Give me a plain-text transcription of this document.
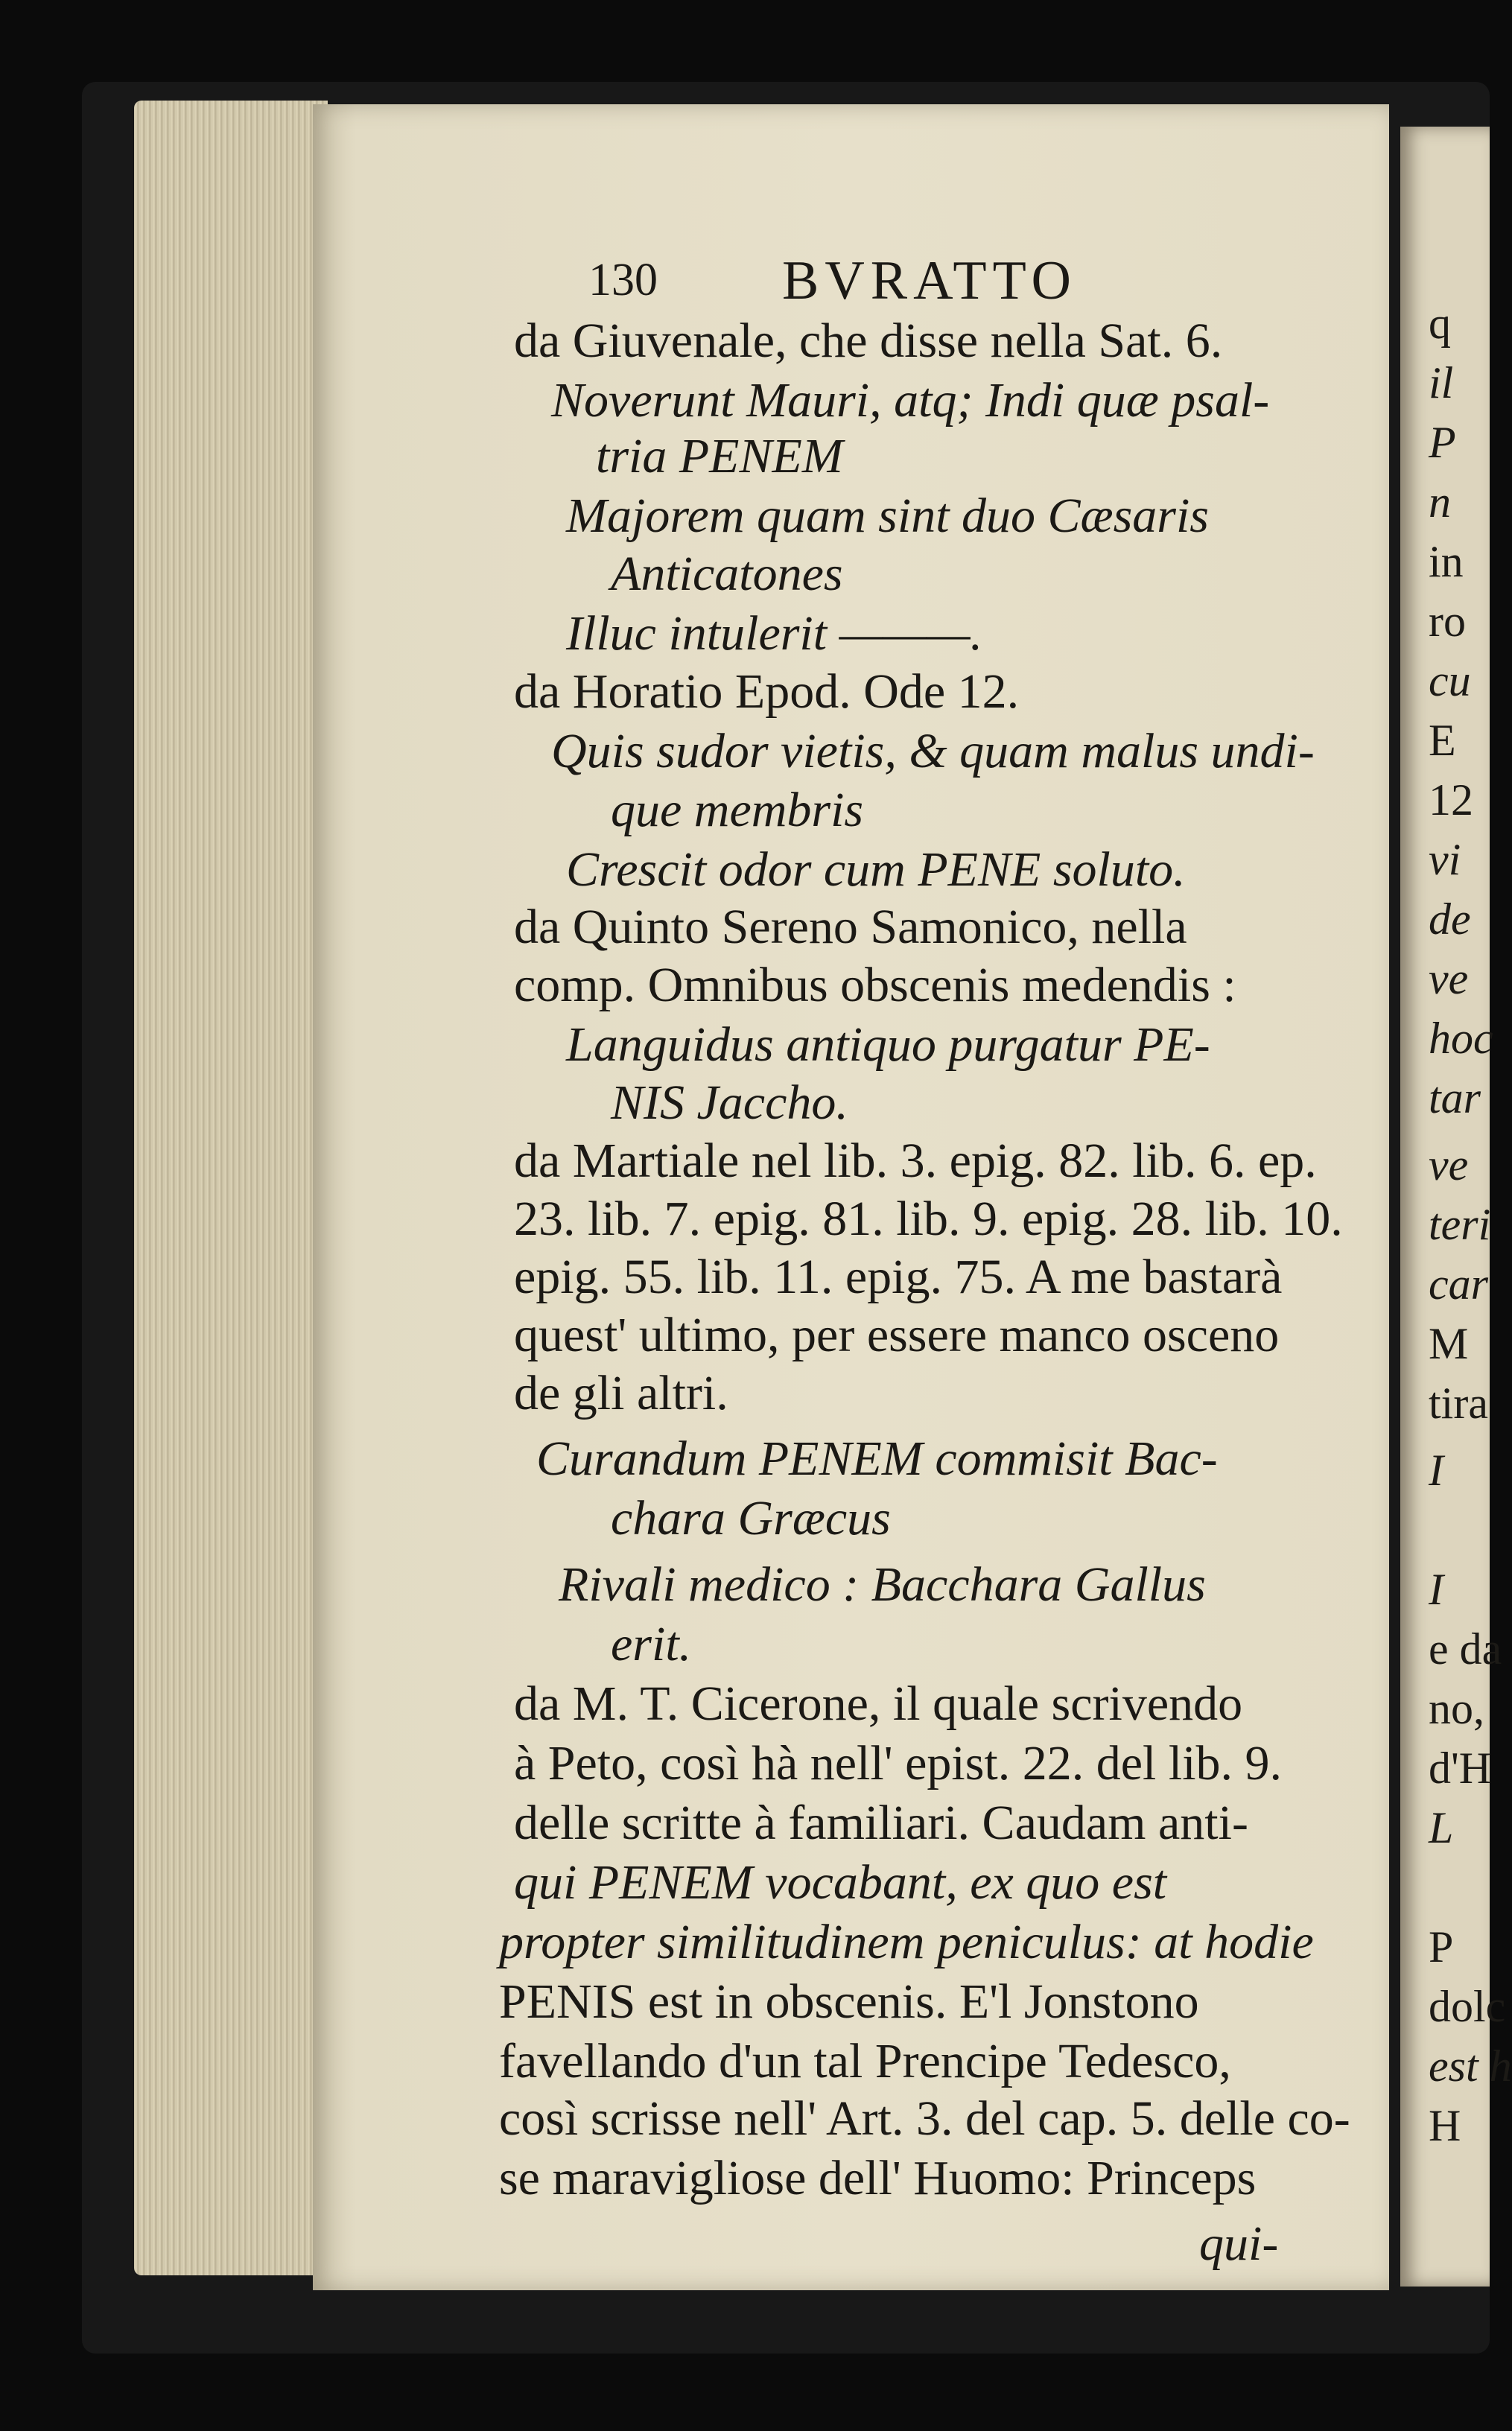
130 BVRATTO
da Giuvenale, che disse nella Sat. 6.
Noverunt Mauri, atq; Indi quæ psal-
tria PENEM
Majorem quam sint duo Cæsaris
Anticatones
Illuc intulerit ———.
da Horatio Epod. Ode 12.
Quis sudor vietis, & quam malus undi-
que membris
Crescit odor cum PENE soluto.
da Quinto Sereno Samonico, nella
comp. Omnibus obscenis medendis :
Languidus antiquo purgatur PE-
NIS Jaccho.
da Martiale nel lib. 3. epig. 82. lib. 6. ep.
23. lib. 7. epig. 81. lib. 9. epig. 28. lib. 10.
epig. 55. lib. 11. epig. 75. A me bastarà
quest' ultimo, per essere manco osceno
de gli altri.
Curandum PENEM commisit Bac-
chara Græcus
Rivali medico : Bacchara Gallus
erit.
da M. T. Cicerone, il quale scrivendo
à Peto, così hà nell' epist. 22. del lib. 9.
delle scritte à familiari. Caudam anti-
qui PENEM vocabant, ex quo est
propter similitudinem peniculus: at hodie
PENIS est in obscenis. E'l Jonstono
favellando d'un tal Prencipe Tedesco,
così scrisse nell' Art. 3. del cap. 5. delle co-
se maravigliose dell' Huomo: Princeps
qui-
q
il
P
n
in
ro
cu
E
12
vi
de
ve
hoc
tar
ve
teri
car
M
tira
I
I
e da
no,
d'H
L
P
dolc
est h
H
